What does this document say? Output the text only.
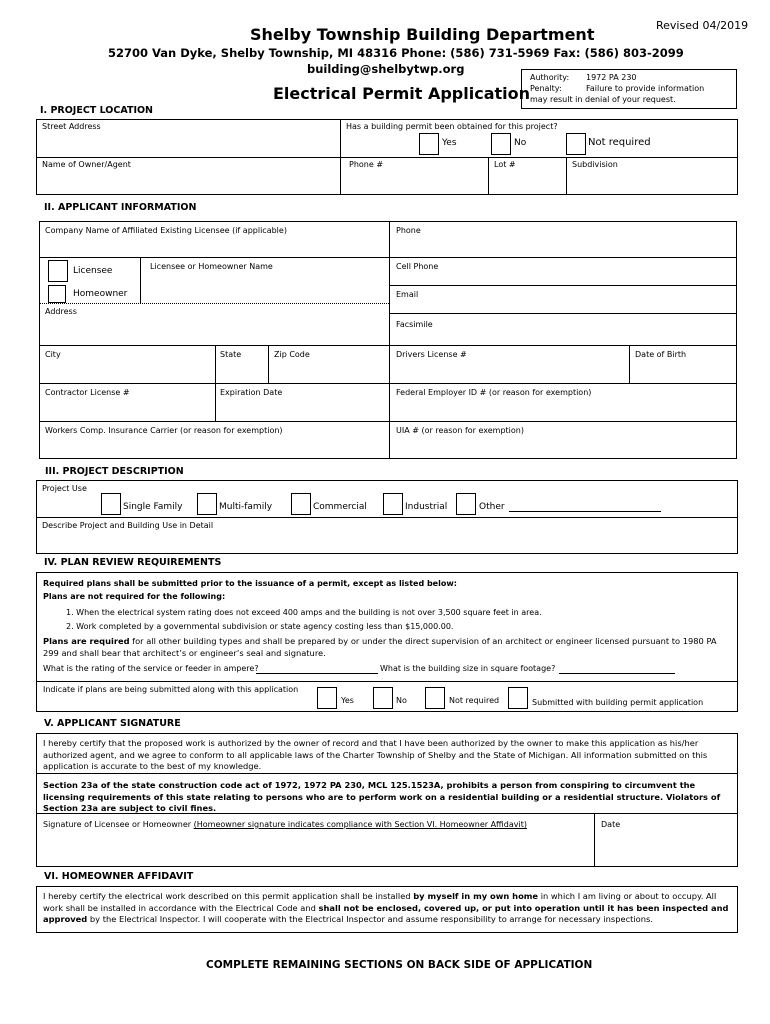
Revised 04/2019
Shelby Township Building Department
52700 Van Dyke, Shelby Township, MI 48316 Phone: (586) 731-5969 Fax: (586) 803-2099
building@shelbytwp.org
Electrical Permit Application
Authority: 1972 PA 230
Penalty:	Failure to provide information
may result in denial of your request.
I. PROJECT LOCATION
Street Address	Has a building permit been obtained for this project?
Yes	No	Not required
Name of Owner/Agent	Phone #	Lot #	Subdivision
II. APPLICANT INFORMATION
Company Name of Affiliated Existing Licensee (if applicable)	Phone
Licensee
Homeowner
Licensee or Homeowner Name	Cell Phone
Email
Address
Facsimile
City	State	Zip Code	Drivers License #	Date of Birth
Contractor License #	Expiration Date	Federal Employer ID # (or reason for exemption)
Workers Comp. Insurance Carrier (or reason for exemption)	UIA # (or reason for exemption)
III. PROJECT DESCRIPTION
Project Use
Single Family	Multi-family	Commercial	Industrial	Other
Describe Project and Building Use in Detail
IV. PLAN REVIEW REQUIREMENTS
Required plans shall be submitted prior to the issuance of a permit, except as listed below:
Plans are not required for the following:
1. When the electrical system rating does not exceed 400 amps and the building is not over 3,500 square feet in area.
2. Work completed by a governmental subdivision or state agency costing less than $15,000.00.
Plans are required for all other building types and shall be prepared by or under the direct supervision of an architect or engineer licensed pursuant to 1980 PA 299 and shall bear that architect’s or engineer’s seal and signature.
What is the rating of the service or feeder in ampere?	What is the building size in square footage?
Indicate if plans are being submitted along with this application
Yes	No	Not required	Submitted with building permit application
V. APPLICANT SIGNATURE
I hereby certify that the proposed work is authorized by the owner of record and that I have been authorized by the owner to make this application as his/her authorized agent, and we agree to conform to all applicable laws of the Charter Township of Shelby and the State of Michigan. All information submitted on this application is accurate to the best of my knowledge.
Section 23a of the state construction code act of 1972, 1972 PA 230, MCL 125.1523A, prohibits a person from conspiring to circumvent the licensing requirements of this state relating to persons who are to perform work on a residential building or a residential structure. Violators of Section 23a are subject to civil fines.
Signature of Licensee or Homeowner (Homeowner signature indicates compliance with Section VI. Homeowner Affidavit)	Date
VI. HOMEOWNER AFFIDAVIT
I hereby certify the electrical work described on this permit application shall be installed by myself in my own home in which I am living or about to occupy. All work shall be installed in accordance with the Electrical Code and shall not be enclosed, covered up, or put into operation until it has been inspected and approved by the Electrical Inspector. I will cooperate with the Electrical Inspector and assume responsibility to arrange for necessary inspections.
COMPLETE REMAINING SECTIONS ON BACK SIDE OF APPLICATION
